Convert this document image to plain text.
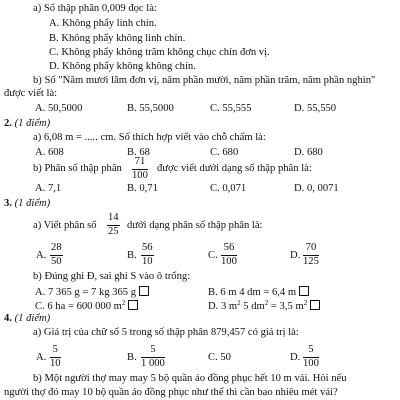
a) Số thập phân 0,009 đọc là:
A. Không phẩy linh chín.
B. Không phẩy không linh chín.
C. Không phẩy không trăm không chục chín đơn vị.
D. Không phẩy không không chín.
b) Số "Năm mươi lăm đơn vị, năm phần mười, năm phần trăm, năm phần nghìn"
được viết là:
A. 50,5000	B. 55,5000	C. 55,555	D. 55,550
2. (1 điểm)
a) 6,08 m = ..... cm. Số thích hợp viết vào chỗ chấm là:
A. 608	B. 68	C. 680	D. 680
b) Phân số thập phân $\frac{71}{100}$ được viết dưới dạng số thập phân là:
A. 7,1	B. 0,71	C. 0,071	D. 0, 0071
3. (1 điểm)
a) Viết phân số $\frac{14}{25}$ dưới dạng phân số thập phân là:
A. $\frac{28}{50}$	B. $\frac{56}{10}$	C. $\frac{56}{100}$	D. $\frac{70}{125}$
b) Đúng ghi Đ, sai ghi S vào ô trống:
A. 7 365 g = 7 kg 365 g	B. 6 m 4 dm = 6,4 m
C. 6 ha = 600 000 $m^2$	D. 3 $m^2$ 5 $dm^2 = 3,5$ $m^2$
4. (1 điểm)
a) Giá trị của chữ số 5 trong số thập phân 879,457 có giá trị là:
A. $\frac{5}{10}$	B. $\frac{5}{1 000}$	C. 50	D. $\frac{5}{100}$
b) Một người thợ may may 5 bộ quần áo đồng phục hết 10 m vải. Hỏi nếu
người thợ đó may 10 bộ quần áo đồng phục như thế thì cần bao nhiêu mét vải?
